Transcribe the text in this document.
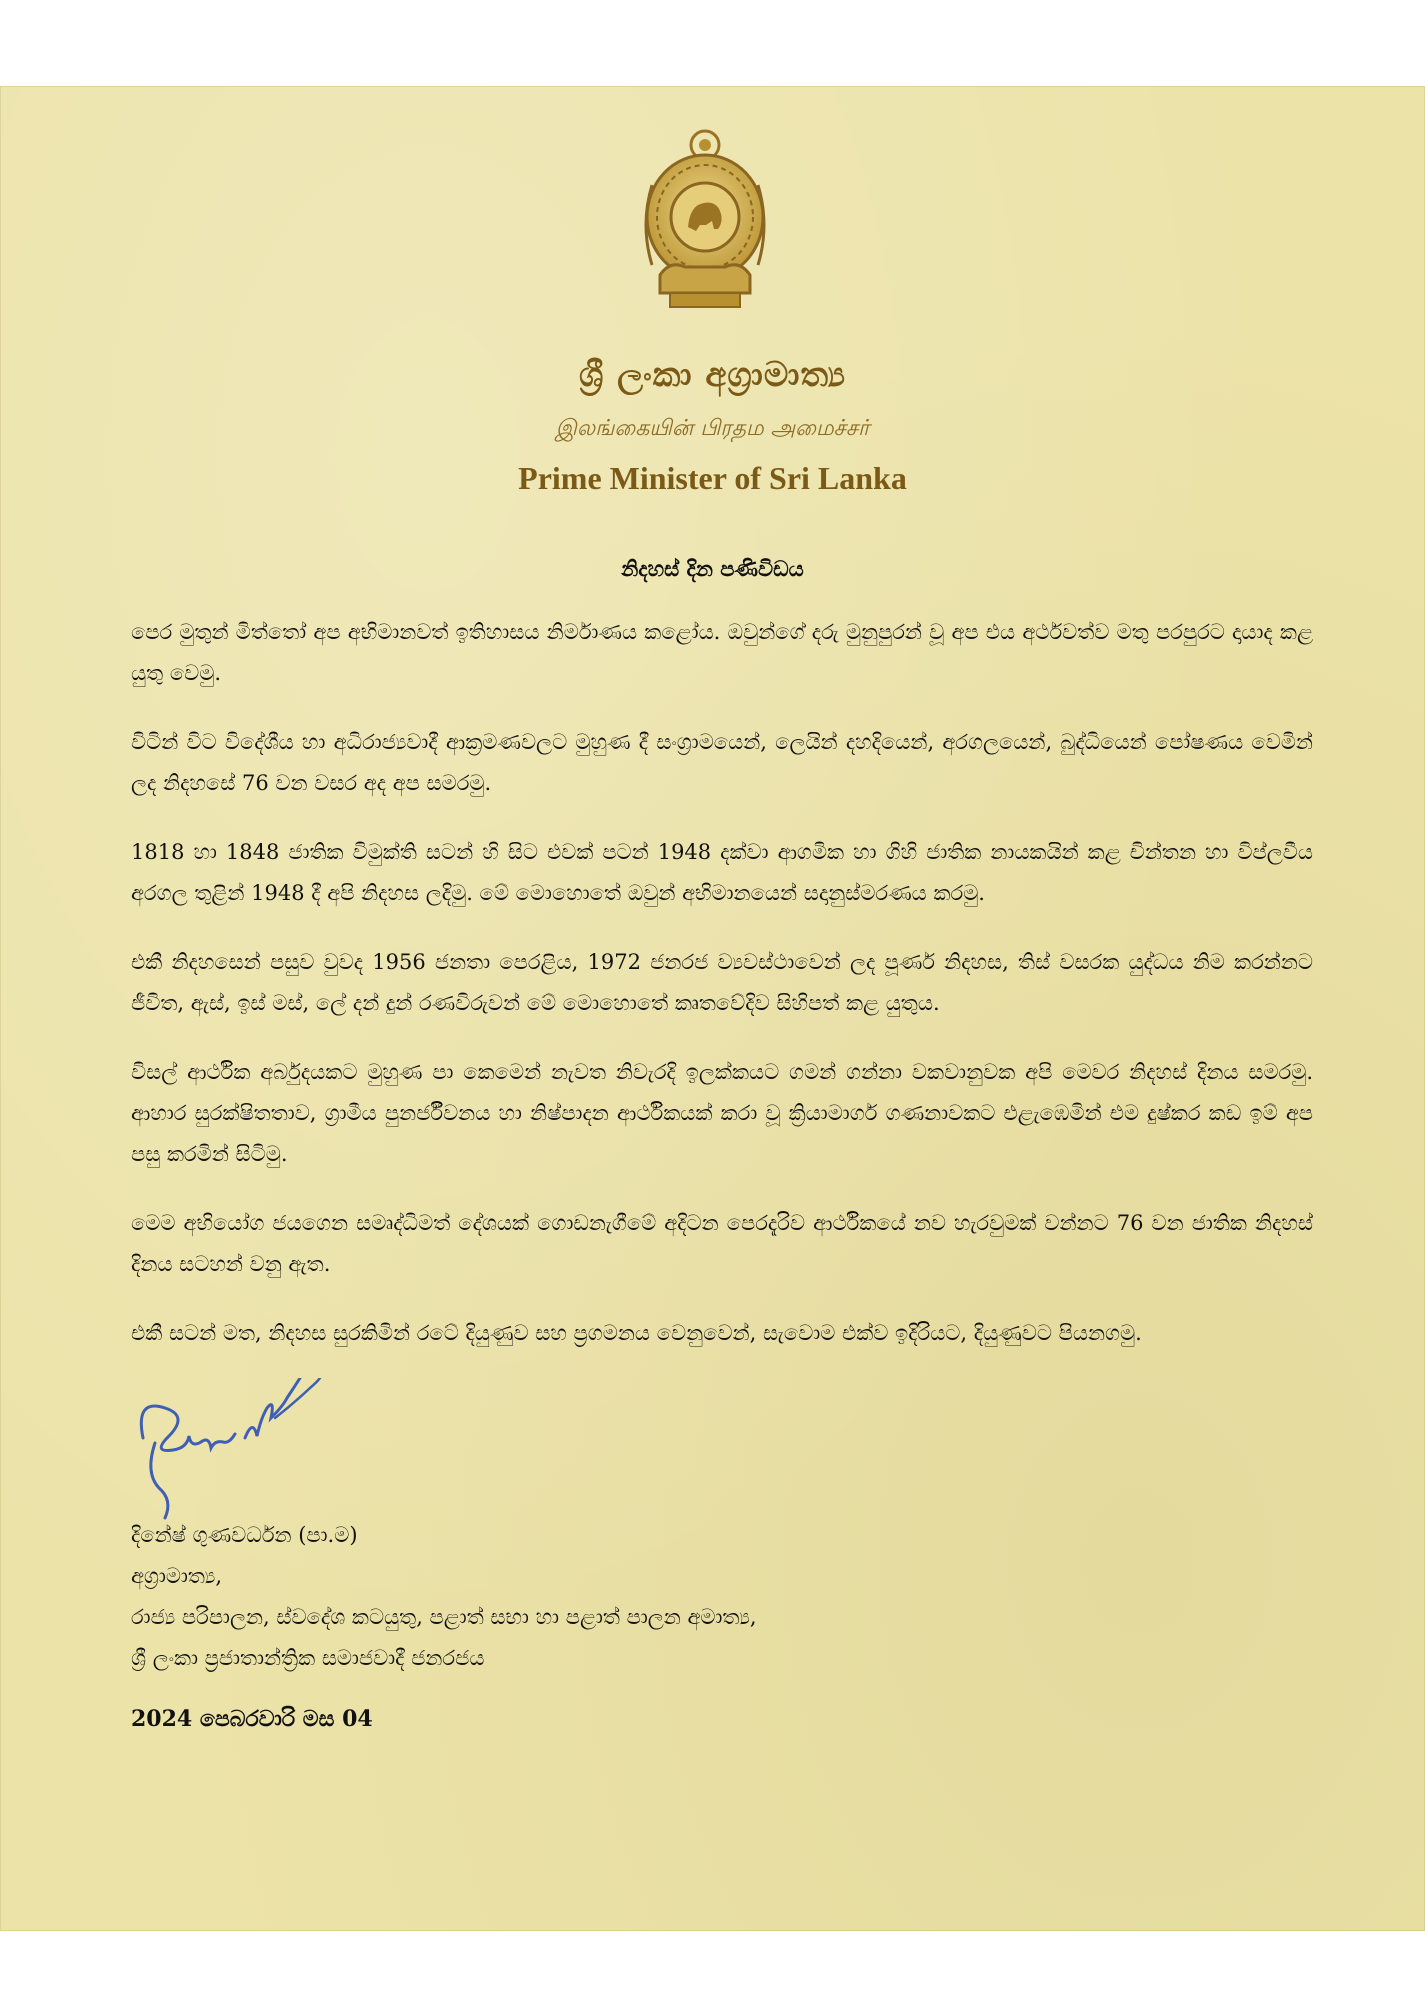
ශ්‍රී ලංකා අග්‍රාමාත්‍ය
இலங்கையின் பிரதம அமைச்சர்
Prime Minister of Sri Lanka
නිදහස් දින පණිවිඩය

පෙර මුතුන් මිත්තෝ අප අභිමානවත් ඉතිහාසය නිර්මාණය කළෝය. ඔවුන්ගේ දරු මුනුපුරන් වූ අප එය අර්ථවත්ව මතු පරපුරට දායාද කළ යුතු වෙමු.

විටින් විට විදේශීය හා අධිරාජ්‍යවාදී ආක්‍රමණවලට මුහුණ දී සංග්‍රාමයෙන්, ලෙයින් දහදියෙන්, අරගලයෙන්, බුද්ධියෙන් පෝෂණය වෙමින් ලද නිදහසේ 76 වන වසර අද අප සමරමු.

1818 හා 1848 ජාතික විමුක්ති සටන් හි සිට එවක් පටන් 1948 දක්වා ආගමික හා ගිහි ජාතික නායකයින් කළ චින්තන හා විප්ලවීය අරගල තුළින් 1948 දී අපි නිදහස ලදිමු. මේ මොහොතේ ඔවුන් අභිමානයෙන් සදානුස්මරණය කරමු.

එකී නිදහසෙන් පසුව වුවද 1956 ජනතා පෙරළිය, 1972 ජනරජ ව්‍යවස්ථාවෙන් ලද පූර්ණ නිදහස, තිස් වසරක යුද්ධය නිම කරන්නට ජීවිත, ඇස්, ඉස් මස්, ලේ දන් දුන් රණවිරුවන් මේ මොහොතේ කෘතවේදිව සිහිපත් කළ යුතුය.

විසල් ආර්ථික අර්බුදයකට මුහුණ පා කෙමෙන් නැවත නිවැරදි ඉලක්කයට ගමන් ගන්නා වකවානුවක අපි මෙවර නිදහස් දිනය සමරමු. ආහාර සුරක්ෂිතතාව, ග්‍රාමීය පුනර්ජීවනය හා නිෂ්පාදන ආර්ථිකයක් කරා වූ ක්‍රියාමාර්ග ගණනාවකට එළැඹෙමින් එම දුෂ්කර කඩ ඉම් අප පසු කරමින් සිටිමු.

මෙම අභියෝග ජයගෙන සමෘද්ධිමත් දේශයක් ගොඩනැගීමේ අදිටන පෙරදැරිව ආර්ථිකයේ නව හැරවුමක් වන්නට 76 වන ජාතික නිදහස් දිනය සටහන් වනු ඇත.

එකී සටන් මත, නිදහස සුරකිමින් රටේ දියුණුව සහ ප්‍රගමනය වෙනුවෙන්, සැවොම එක්ව ඉදිරියට, දියුණුවට පියනගමු.

දිනේෂ් ගුණවර්ධන (පා.ම)
අග්‍රාමාත්‍ය,
රාජ්‍ය පරිපාලන, ස්වදේශ කටයුතු, පළාත් සභා හා පළාත් පාලන අමාත්‍ය,
ශ්‍රී ලංකා ප්‍රජාතාන්ත්‍රික සමාජවාදී ජනරජය
2024 පෙබරවාරි මස 04
